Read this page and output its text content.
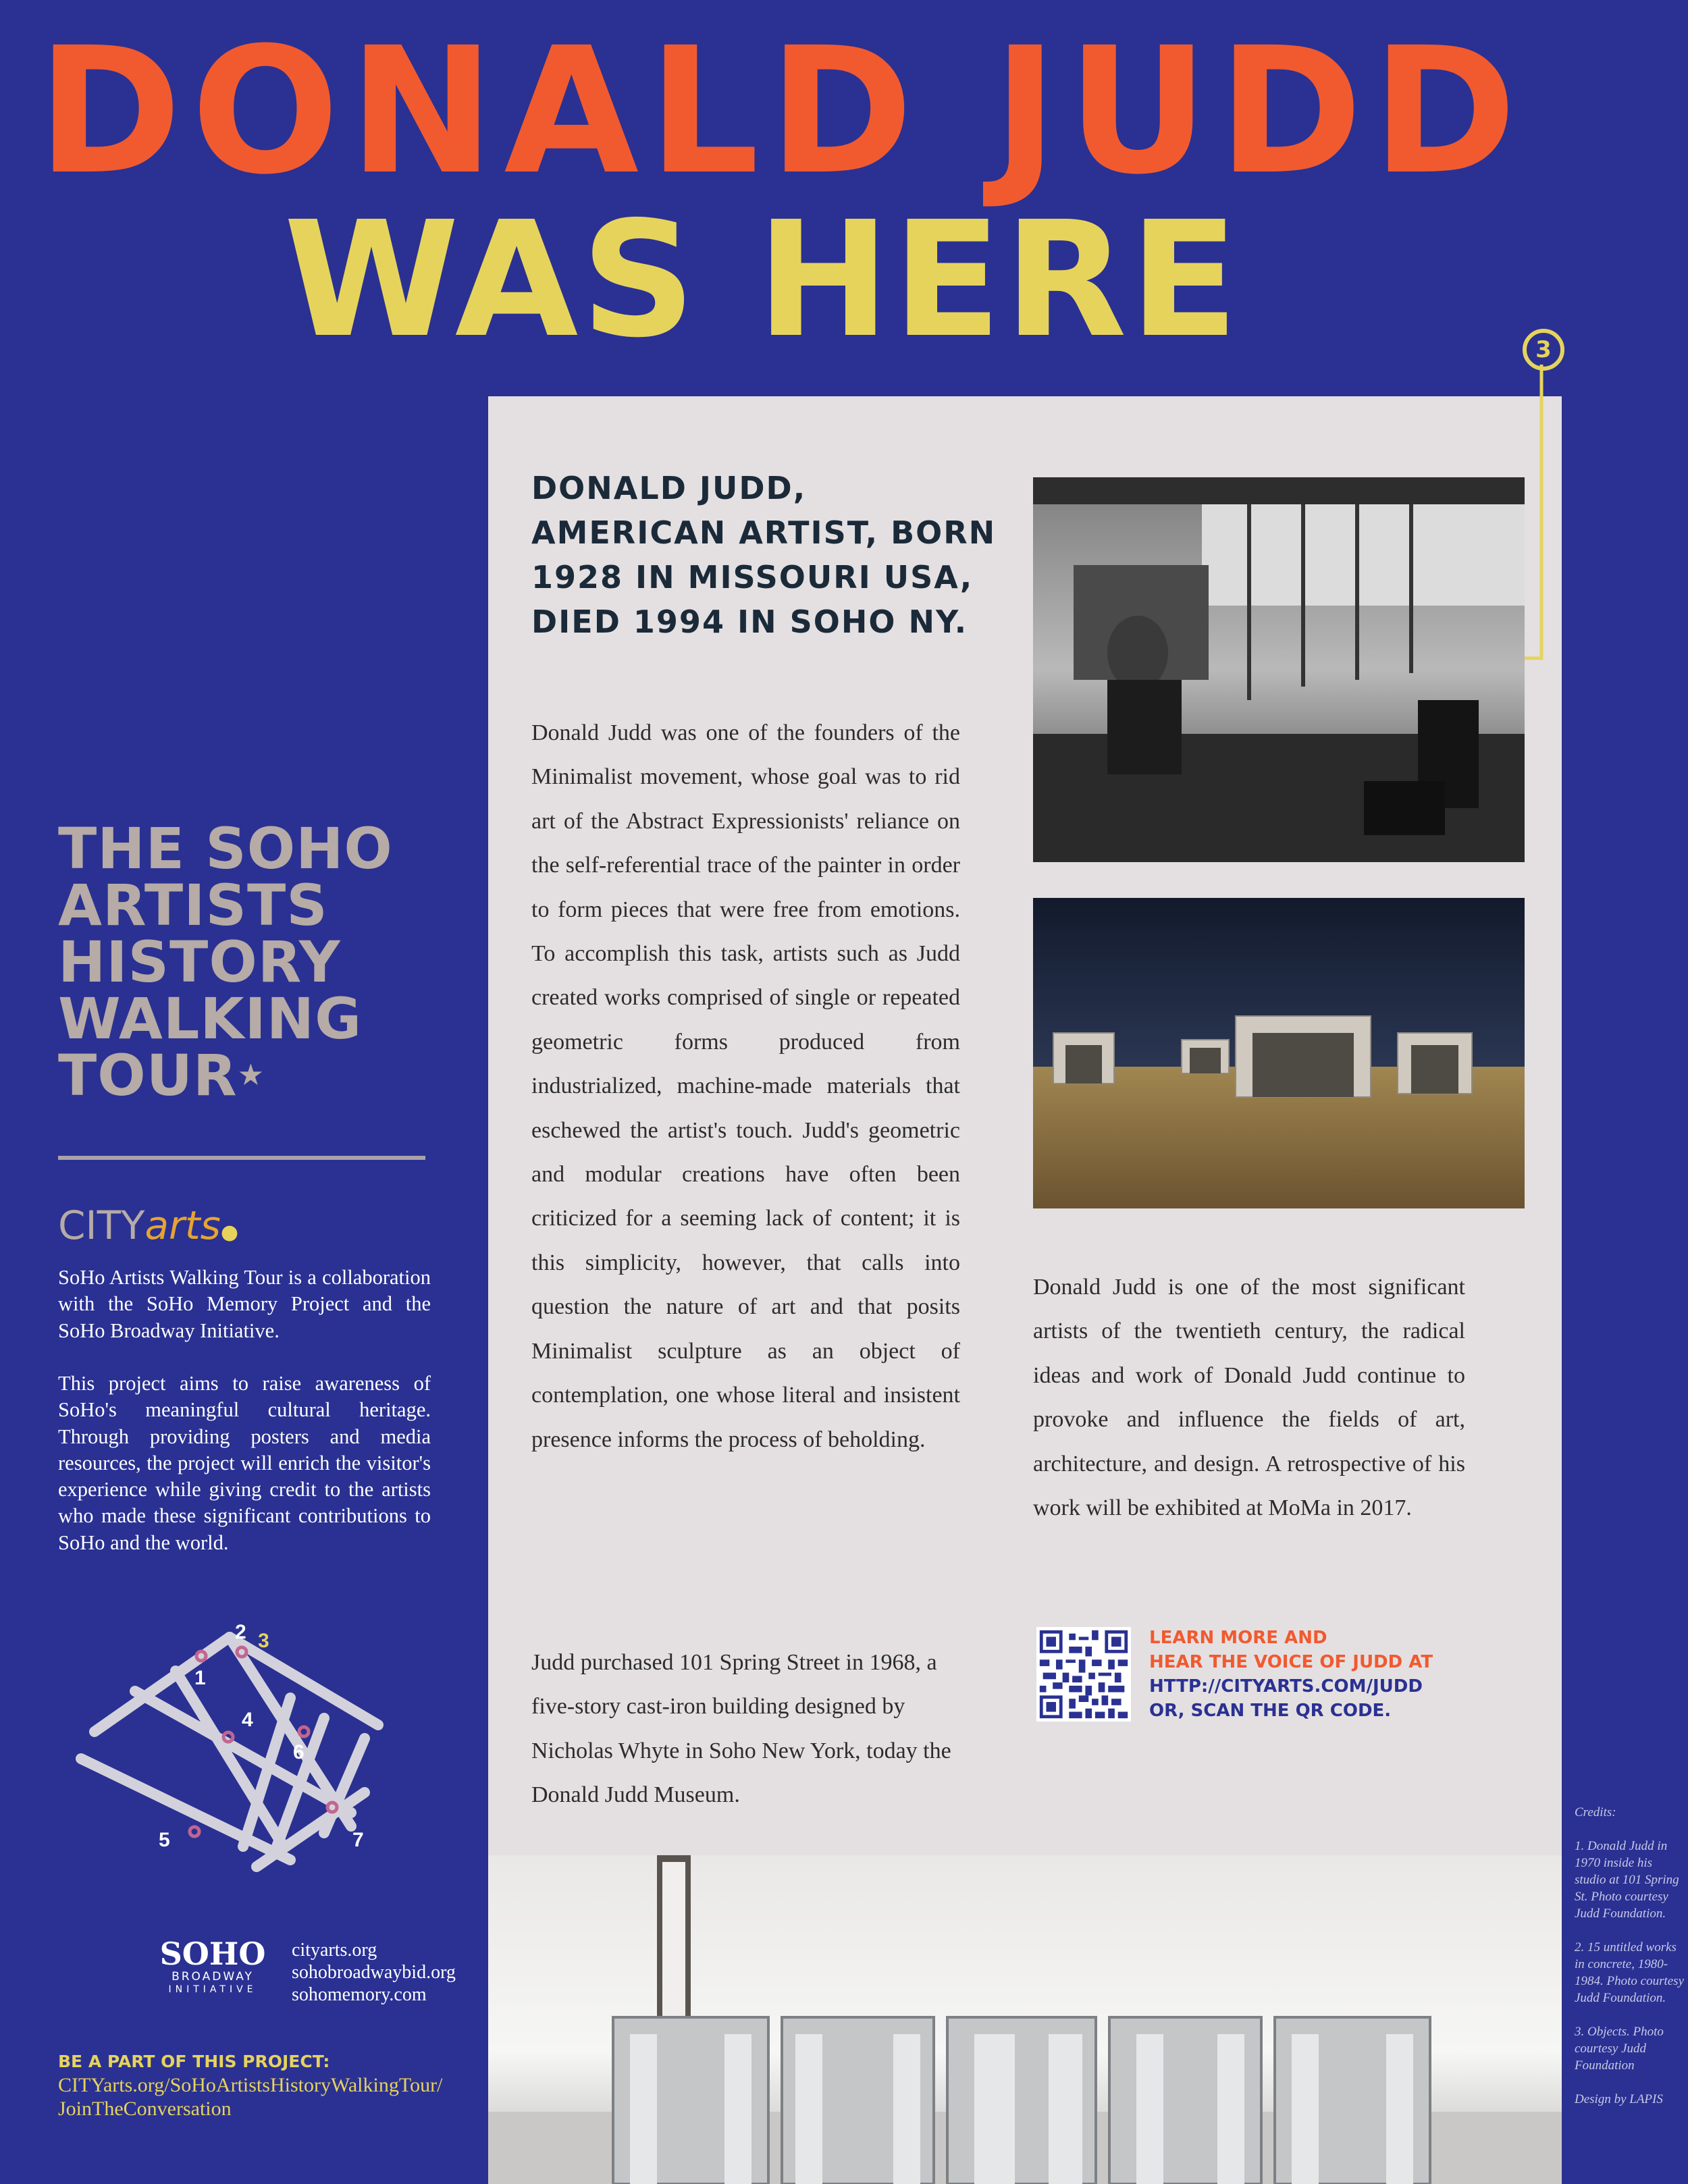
DONALD JUDD
WAS HERE	3
DONALD JUDD, AMERICAN ARTIST, BORN 1928 IN MISSOURI USA, DIED 1994 IN SOHO NY.
Donald Judd was one of the founders of the Minimalist movement, whose goal was to rid art of the Abstract Expressionists' reliance on the self-referential trace of the painter in order to form pieces that were free from emotions. To accomplish this task, artists such as Judd created works comprised of single or repeated geometric forms produced from industrialized, machine-made materials that eschewed the artist's touch. Judd's geometric and modular creations have often been criticized for a seeming lack of content; it is this simplicity, however, that calls into question the nature of art and that posits Minimalist sculpture as an object of contemplation, one whose literal and insistent presence informs the process of beholding.
Judd purchased 101 Spring Street in 1968, a five-story cast-iron building designed by Nicholas Whyte in Soho New York, today the Donald Judd Museum.
Donald Judd is one of the most significant artists of the twentieth century, the radical ideas and work of Donald Judd continue to provoke and influence the fields of art, architecture, and design. A retrospective of his work will be exhibited at MoMa in 2017.
LEARN MORE AND
HEAR THE VOICE OF JUDD AT
HTTP://CITYARTS.COM/JUDD
OR, SCAN THE QR CODE.
Credits:
1. Donald Judd in 1970 inside his studio at 101 Spring St. Photo courtesy Judd Foundation.
2. 15 untitled works in concrete, 1980-1984. Photo courtesy Judd Foundation.
3. Objects. Photo courtesy Judd Foundation
Design by LAPIS
THE SOHO ARTISTS HISTORY WALKING TOUR★
CITYarts●
SoHo Artists Walking Tour is a collaboration with the SoHo Memory Project and the SoHo Broadway Initiative.
This project aims to raise awareness of SoHo's meaningful cultural heritage. Through providing posters and media resources, the project will enrich the visitor's experience while giving credit to the artists who made these significant contributions to SoHo and the world.
1
2 3
4
5
6
7
SOHO
BROADWAY
INITIATIVE
cityarts.org
sohobroadwaybid.org
sohomemory.com
BE A PART OF THIS PROJECT:
CITYarts.org/SoHoArtistsHistoryWalkingTour/JoinTheConversation
